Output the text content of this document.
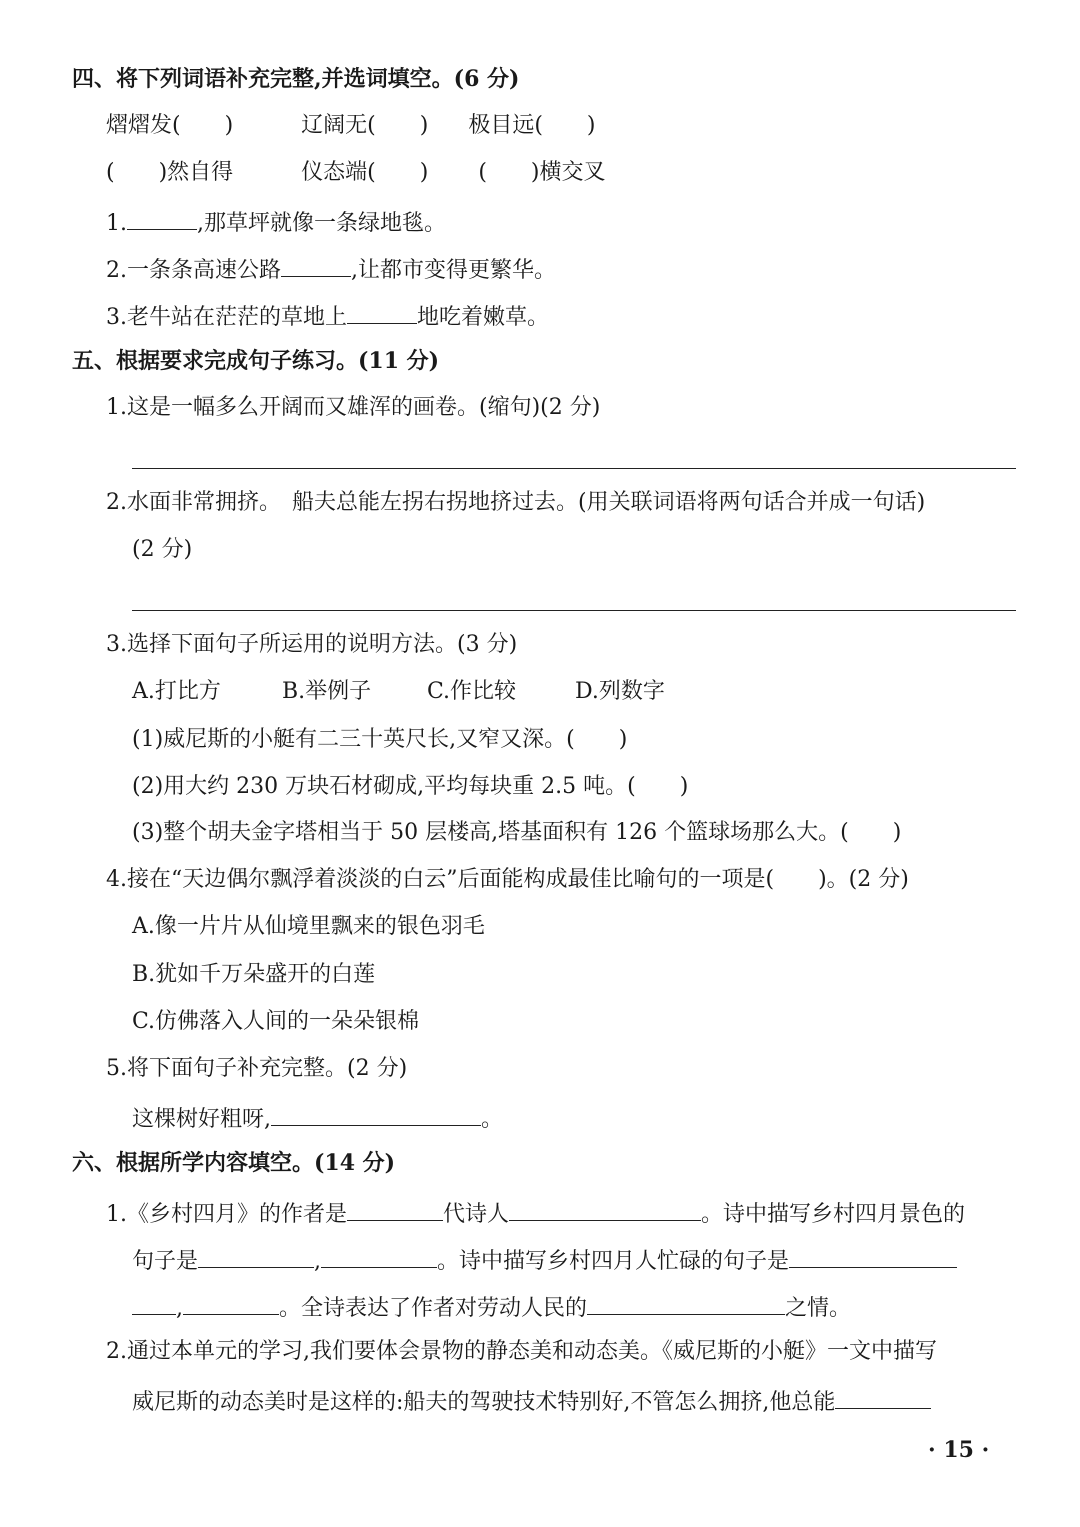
四、将下列词语补充完整,并选词填空。(6 分)
熠熠发(　　)	辽阔无(　　) 极目远(　　)
(　　)然自得	仪态端(　　) (　　)横交叉
1.	,那草坪就像一条绿地毯。
2.一条条高速公路	,让都市变得更繁华。
3.老牛站在茫茫的草地上	地吃着嫩草。
五、根据要求完成句子练习。(11 分)
1.这是一幅多么开阔而又雄浑的画卷。(缩句)(2 分)
2.水面非常拥挤。　船夫总能左拐右拐地挤过去。(用关联词语将两句话合并成一句话)
(2 分)
3.选择下面句子所运用的说明方法。(3 分)
A.打比方	B.举例子	C.作比较	D.列数字
(1)威尼斯的小艇有二三十英尺长,又窄又深。(　　)
(2)用大约 230 万块石材砌成,平均每块重 2.5 吨。(　　)
(3)整个胡夫金字塔相当于 50 层楼高,塔基面积有 126 个篮球场那么大。(　　)
4.接在“天边偶尔飘浮着淡淡的白云”后面能构成最佳比喻句的一项是(　　)。(2 分)
A.像一片片从仙境里飘来的银色羽毛
B.犹如千万朵盛开的白莲
C.仿佛落入人间的一朵朵银棉
5.将下面句子补充完整。(2 分)
这棵树好粗呀,	。
六、根据所学内容填空。(14 分)
1.《乡村四月》的作者是	代诗人	。诗中描写乡村四月景色的
句子是	,	。诗中描写乡村四月人忙碌的句子是
,	。全诗表达了作者对劳动人民的	之情。
2.通过本单元的学习,我们要体会景物的静态美和动态美。《威尼斯的小艇》一文中描写
威尼斯的动态美时是这样的:船夫的驾驶技术特别好,不管怎么拥挤,他总能
· 15 ·
